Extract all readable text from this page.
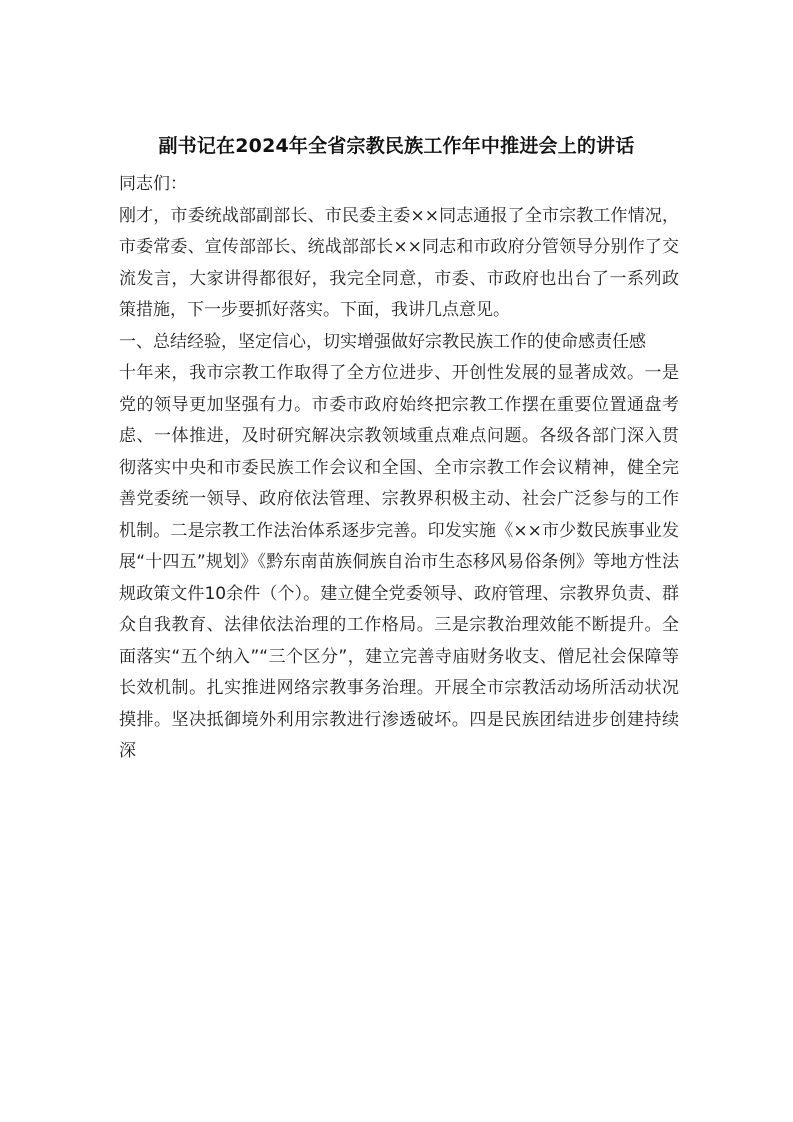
副书记在2024年全省宗教民族工作年中推进会上的讲话

同志们：

刚才，市委统战部副部长、市民委主委××同志通报了全市宗教工作情况，市委常委、宣传部部长、统战部部长××同志和市政府分管领导分别作了交流发言，大家讲得都很好，我完全同意，市委、市政府也出台了一系列政策措施，下一步要抓好落实。下面，我讲几点意见。

一、总结经验，坚定信心，切实增强做好宗教民族工作的使命感责任感

十年来，我市宗教工作取得了全方位进步、开创性发展的显著成效。一是党的领导更加坚强有力。市委市政府始终把宗教工作摆在重要位置通盘考虑、一体推进，及时研究解决宗教领域重点难点问题。各级各部门深入贯彻落实中央和市委民族工作会议和全国、全市宗教工作会议精神，健全完善党委统一领导、政府依法管理、宗教界积极主动、社会广泛参与的工作机制。二是宗教工作法治体系逐步完善。印发实施《××市少数民族事业发展“十四五”规划》《黔东南苗族侗族自治市生态移风易俗条例》等地方性法规政策文件10余件（个）。建立健全党委领导、政府管理、宗教界负责、群众自我教育、法律依法治理的工作格局。三是宗教治理效能不断提升。全面落实“五个纳入”“三个区分”，建立完善寺庙财务收支、僧尼社会保障等长效机制。扎实推进网络宗教事务治理。开展全市宗教活动场所活动状况摸排。坚决抵御境外利用宗教进行渗透破坏。四是民族团结进步创建持续深
